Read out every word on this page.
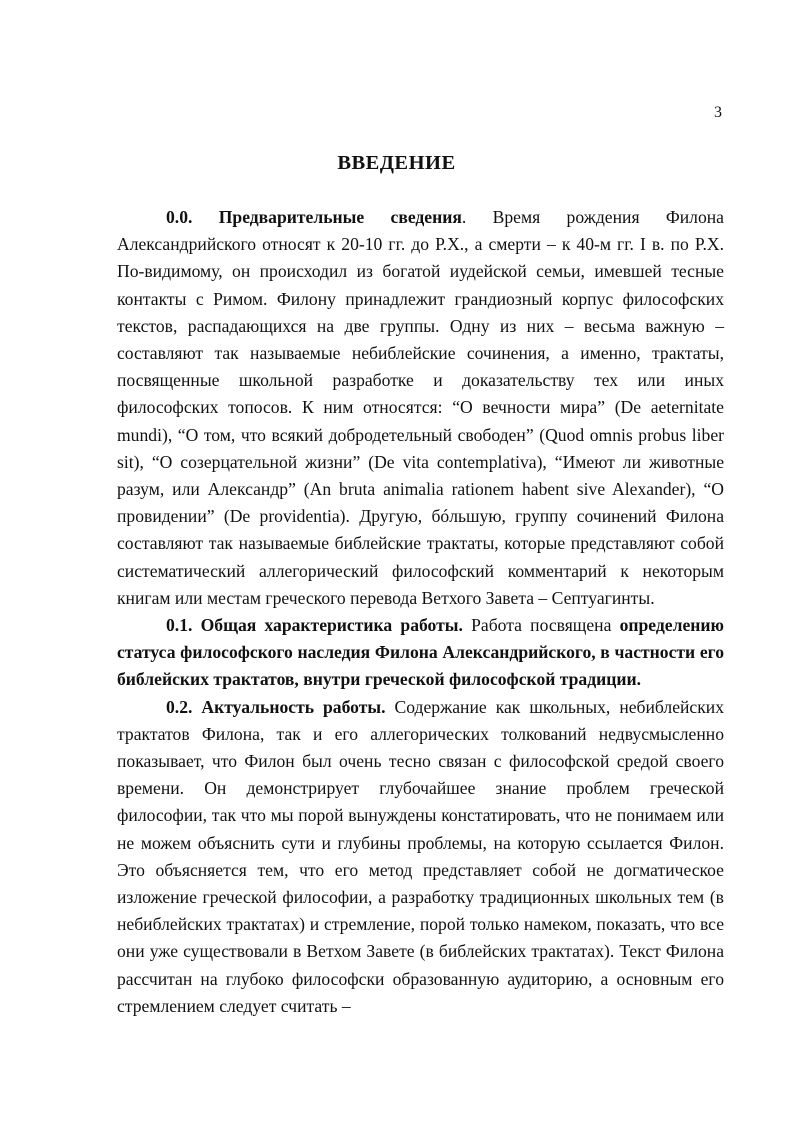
3
ВВЕДЕНИЕ

0.0. Предварительные сведения. Время рождения Филона Александрийского относят к 20-10 гг. до Р.Х., а смерти – к 40-м гг. I в. по Р.Х. По-видимому, он происходил из богатой иудейской семьи, имевшей тесные контакты с Римом. Филону принадлежит грандиозный корпус философских текстов, распадающихся на две группы. Одну из них – весьма важную – составляют так называемые небиблейские сочинения, а именно, трактаты, посвященные школьной разработке и доказательству тех или иных философских топосов. К ним относятся: “О вечности мира” (De aeternitate mundi), “О том, что всякий добродетельный свободен” (Quod omnis probus liber sit), “О созерцательной жизни” (De vita contemplativa), “Имеют ли животные разум, или Александр” (An bruta animalia rationem habent sive Alexander), “О провидении” (De providentia). Другую, бóльшую, группу сочинений Филона составляют так называемые библейские трактаты, которые представляют собой систематический аллегорический философский комментарий к некоторым книгам или местам греческого перевода Ветхого Завета – Септуагинты.

0.1. Общая характеристика работы. Работа посвящена определению статуса философского наследия Филона Александрийского, в частности его библейских трактатов, внутри греческой философской традиции.

0.2. Актуальность работы. Содержание как школьных, небиблейских трактатов Филона, так и его аллегорических толкований недвусмысленно показывает, что Филон был очень тесно связан с философской средой своего времени. Он демонстрирует глубочайшее знание проблем греческой философии, так что мы порой вынуждены констатировать, что не понимаем или не можем объяснить сути и глубины проблемы, на которую ссылается Филон. Это объясняется тем, что его метод представляет собой не догматическое изложение греческой философии, а разработку традиционных школьных тем (в небиблейских трактатах) и стремление, порой только намеком, показать, что все они уже существовали в Ветхом Завете (в библейских трактатах). Текст Филона рассчитан на глубоко философски образованную аудиторию, а основным его стремлением следует считать –
